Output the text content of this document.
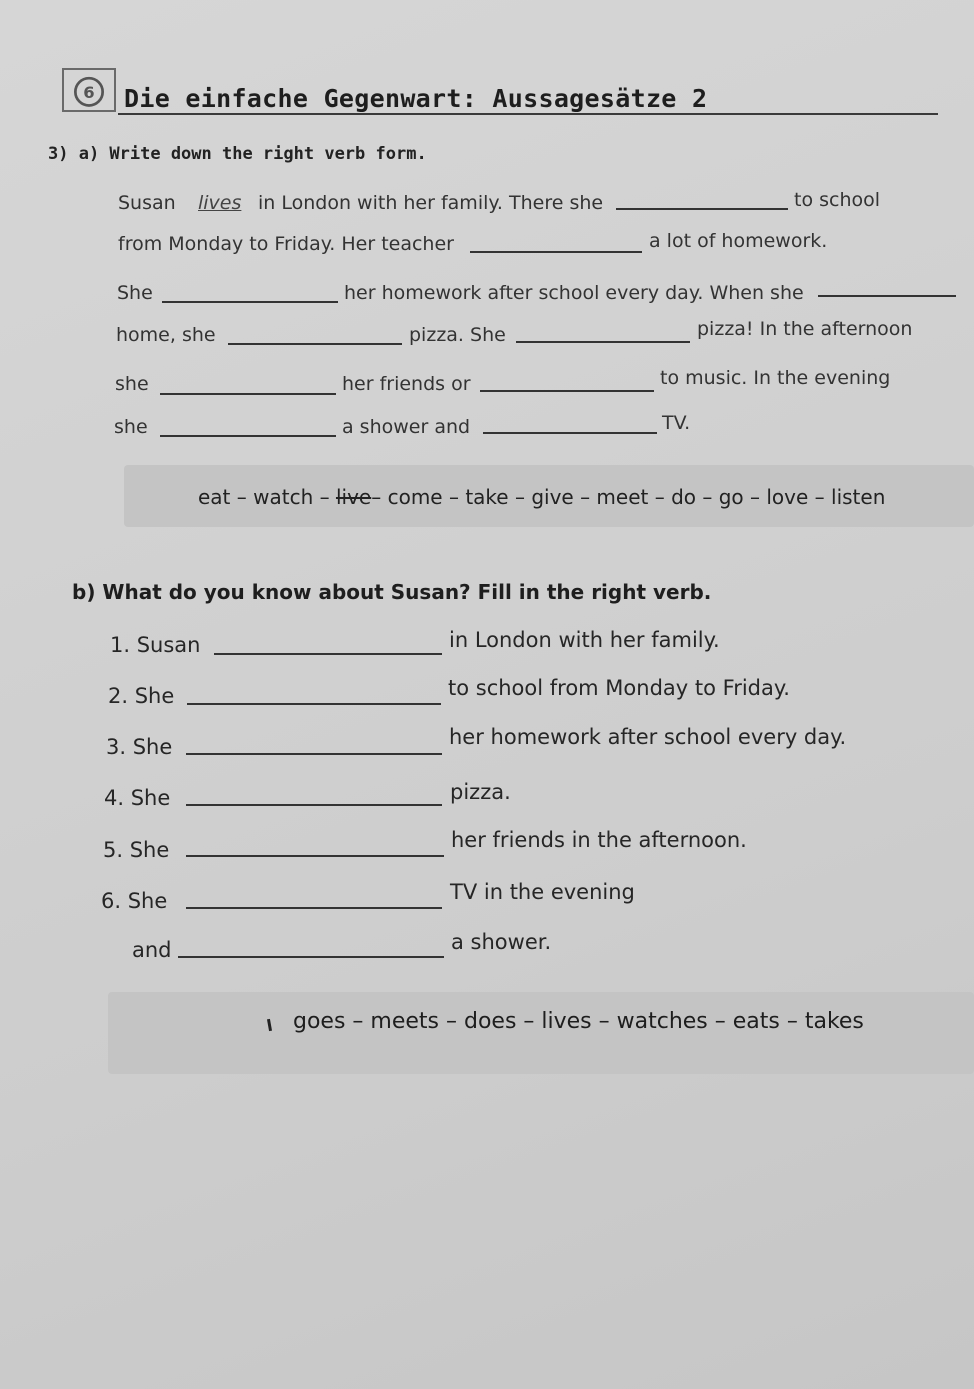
6 Die einfache Gegenwart: Aussagesätze 2
3) a) Write down the right verb form.
Susan lives in London with her family. There she	to school
from Monday to Friday. Her teacher	a lot of homework.
She	her homework after school every day. When she
home, she	pizza. She	pizza! In the afternoon
she	her friends or	to music. In the evening
she	a shower and	TV.
eat – watch – live– come – take – give – meet – do – go – love – listen
b) What do you know about Susan? Fill in the right verb.
1. Susan	in London with her family.
2. She	to school from Monday to Friday.
3. She	her homework after school every day.
4. She	pizza.
5. She	her friends in the afternoon.
6. She	TV in the evening
and	a shower.
goes – meets – does – lives – watches – eats – takes
